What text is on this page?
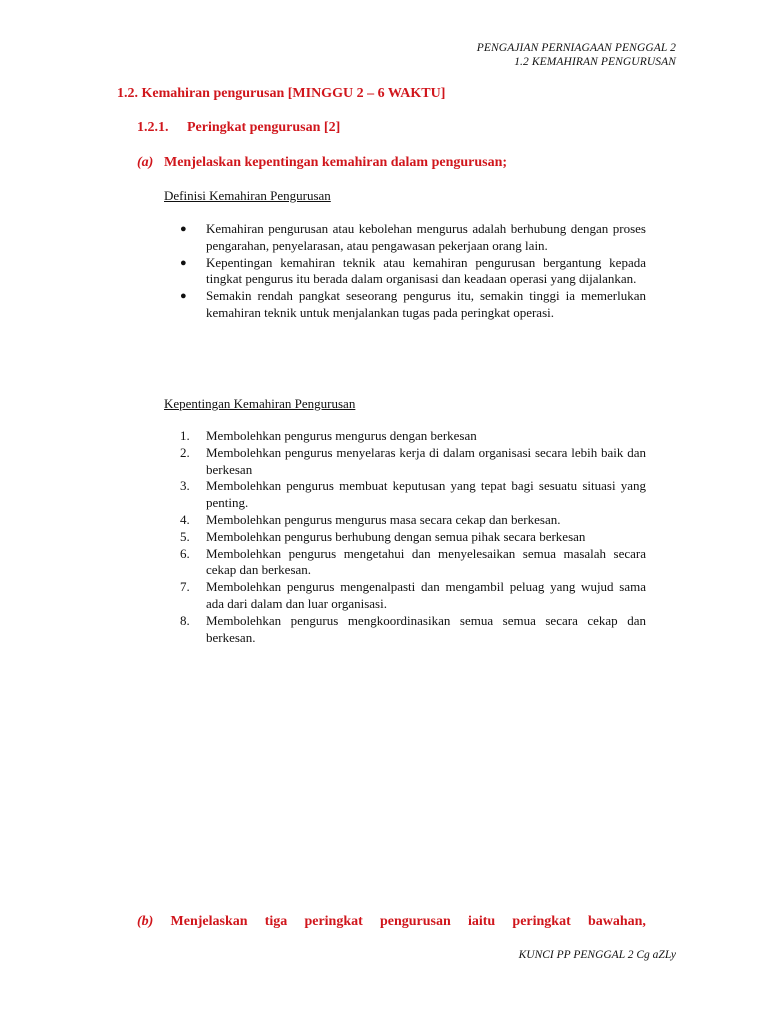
PENGAJIAN PERNIAGAAN PENGGAL 2
1.2 KEMAHIRAN PENGURUSAN
1.2. Kemahiran pengurusan [MINGGU 2 – 6 WAKTU]
1.2.1. Peringkat pengurusan [2]
(a) Menjelaskan kepentingan kemahiran dalam pengurusan;
Definisi Kemahiran Pengurusan
● Kemahiran pengurusan atau kebolehan mengurus adalah berhubung dengan proses pengarahan, penyelarasan, atau pengawasan pekerjaan orang lain.
● Kepentingan kemahiran teknik atau kemahiran pengurusan bergantung kepada tingkat pengurus itu berada dalam organisasi dan keadaan operasi yang dijalankan.
● Semakin rendah pangkat seseorang pengurus itu, semakin tinggi ia memerlukan kemahiran teknik untuk menjalankan tugas pada peringkat operasi.
Kepentingan Kemahiran Pengurusan
1. Membolehkan pengurus mengurus dengan berkesan
2. Membolehkan pengurus menyelaras kerja di dalam organisasi secara lebih baik dan berkesan
3. Membolehkan pengurus membuat keputusan yang tepat bagi sesuatu situasi yang penting.
4. Membolehkan pengurus mengurus masa secara cekap dan berkesan.
5. Membolehkan pengurus berhubung dengan semua pihak secara berkesan
6. Membolehkan pengurus mengetahui dan menyelesaikan semua masalah secara cekap dan berkesan.
7. Membolehkan pengurus mengenalpasti dan mengambil peluag yang wujud sama ada dari dalam dan luar organisasi.
8. Membolehkan pengurus mengkoordinasikan semua semua secara cekap dan berkesan.
(b) Menjelaskan tiga peringkat pengurusan iaitu peringkat bawahan,
KUNCI PP PENGGAL 2 Cg aZLy
